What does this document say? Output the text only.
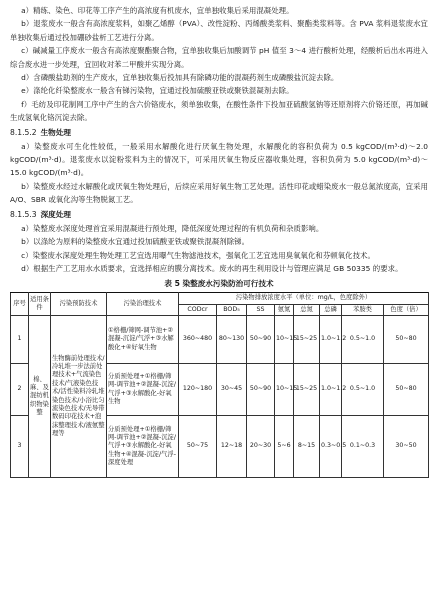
a）精练、染色、印花等工序产生的高浓度有机废水，宜单独收集后采用混凝处理。

b）退浆废水一般含有高浓度浆料，如聚乙烯醇（PVA）、改性淀粉、丙烯酸类浆料、聚酯类浆料等。含 PVA 浆料退浆废水宜单独收集后通过投加硼砂盐析工艺进行分离。

c）碱减量工序废水一般含有高浓度聚酯聚合物，宜单独收集后加酸调节 pH 值至 3～4 进行酸析处理，经酸析后出水再进入综合废水进一步处理，宜回收对苯二甲酸并实现分离。

d）含磷酸盐助剂的生产废水，宜单独收集后投加具有除磷功能的混凝药剂生成磷酸盐沉淀去除。

e）涤纶化纤染整废水一般含有锑污染物，宜通过投加硫酸亚铁或聚铁混凝剂去除。

f）毛纺及印花制网工序中产生的含六价铬废水，须单独收集，在酸性条件下投加亚硫酸氢钠等还原剂将六价铬还原，再加碱生成氢氧化铬沉淀去除。

8.1.5.2 生物处理

a）染整废水可生化性较低，一般采用水解酸化进行厌氧生物处理，水解酸化的容积负荷为 0.5 kgCOD/(m³·d)～2.0 kgCOD/(m³·d)。退浆废水以淀粉浆料为主的情况下，可采用厌氧生物反应器收集处理，容积负荷为 5.0 kgCOD/(m³·d)～15.0 kgCOD/(m³·d)。

b）染整废水经过水解酸化或厌氧生物处理后，后续应采用好氧生物工艺处理。活性印花或蜡染废水一般总氮浓度高，宜采用 A/O、SBR 或氧化沟等生物脱氮工艺。

8.1.5.3 深度处理

a）染整废水深度处理首宜采用混凝进行预处理，降低深度处理过程的有机负荷和杂质影响。

b）以涤纶为原料的染整废水宜通过投加硫酸亚铁或聚铁混凝剂除锑。

c）染整废水深度处理生物处理工艺宜选用曝气生物滤池技术，强氧化工艺宜选用臭氧氧化和芬顿氧化技术。

d）根据生产工艺用水水质要求，宜选择相应的膜分离技术。废水的再生利用设计与管理应满足 GB 50335 的要求。

表 5 染整废水污染防治可行技术
序号	适用条件	污染预防技术	污染治理技术	污染物排放浓度水平（单位：mg/L，色度除外）							
				CODcr	BOD₅	SS	氨氮	总氮	总磷	苯胺类	色度（倍）
1	棉、麻、及混纺机织物染整	生物酶前处理技术/冷轧堆一步法前处理技术+气流染色技术/气液染色技术/活性染料冷轧堆染色技术/小浴比匀流染色技术/无导带数码印花技术+泡沫整理技术/液氨整理等	①格栅/筛网-调节池+②混凝-沉淀/气浮+③水解酸化+④好氧生物	360~480	80~130	50~90	10~15	15~25	1.0~1.2	0.5~1.0	50~80
2			分质预处理+①格栅/筛网-调节池+②混凝-沉淀/气浮+③水解酸化-好氧生物	120~180	30~45	50~90	10~15	15~25	1.0~1.2	0.5~1.0	50~80
3			分质预处理+①格栅/筛网-调节池+②混凝-沉淀/气浮+③水解酸化-好氧生物+④混凝-沉淀/气浮-深度处理	50~75	12~18	20~30	5~6	8~15	0.3~0.5	0.1~0.3	30~50
